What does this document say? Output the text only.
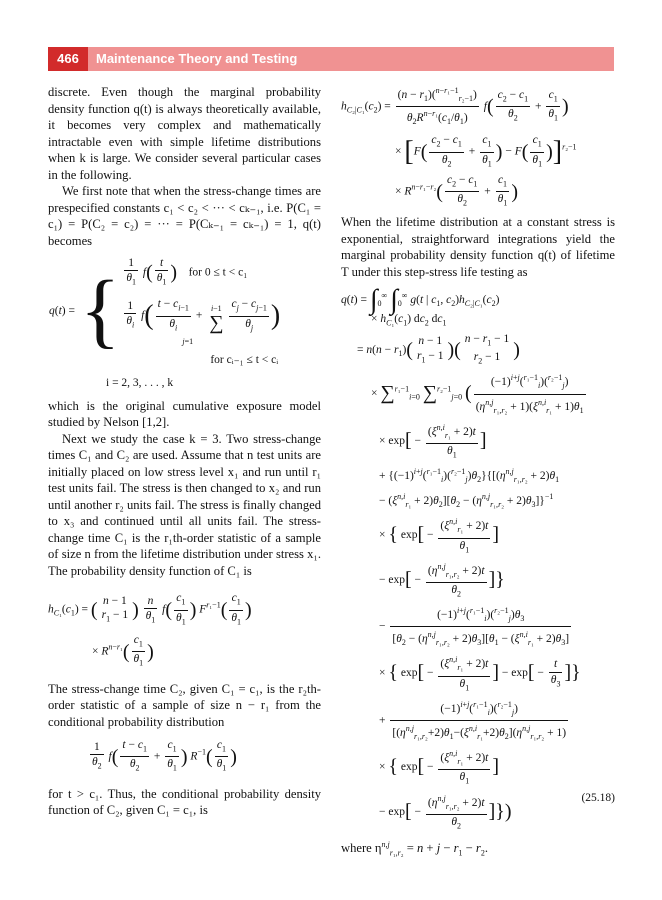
466	Maintenance Theory and Testing

discrete. Even though the marginal probability density function q(t) is always theoretically available, it becomes very complex and mathematically intractable even with simple lifetime distributions when k is large. We consider several particular cases in the following.

We first note that when the stress-change times are prespecified constants c₁ < c₂ < ··· < cₖ₋₁, i.e. P(C₁ = c₁) = P(C₂ = c₂) = ··· = P(Cₖ₋₁ = cₖ₋₁) = 1, q(t) becomes

q(t) =	{	$\frac{1}{\theta_1} f( \frac{t}{\theta_1}$ ) for 0 ≤ t < c₁
$\frac{1}{\theta_i} f( \frac{t - c_{i-1}}{\theta_i}$ +
i−1
∑ $\frac{c_j - c_{j-1}}{\theta_j}$ )
j=1
for cᵢ₋₁ ≤ t < cᵢ
i = 2, 3, . . . , k

which is the original cumulative exposure model studied by Nelson [1,2].

Next we study the case k = 3. Two stress-change times C₁ and C₂ are used. Assume that n test units are initially placed on low stress level x₁ and run until r₁ test units fail. The stress is then changed to x₂ and run until another r₂ units fail. The stress is finally changed to x₃ and continued until all units fail. The stress-change time C₁ is the r₁th-order statistic of a sample of size n from the lifetime distribution under stress x₁. The probability density function of C₁ is

$h_{C_1}(c_1)$ = ( n − 1
$r_1 - 1$ ) $\frac{n}{\theta_1} f( \frac{c_1}{\theta_1}$ ) $F^{r_1-1}( \frac{c_1}{\theta_1}$ )
× $R^{n-r_1}( \frac{c_1}{\theta_1}$ )

The stress-change time C₂, given C₁ = c₁, is the r₂th-order statistic of a sample of size n − r₁ from the conditional probability distribution

$\frac{1}{\theta_2} f( \frac{t - c_1}{\theta_2} + \frac{c_1}{\theta_1}$ ) $R^{-1}( \frac{c_1}{\theta_1}$ )

for t > c₁. Thus, the conditional probability density function of C₂, given C₁ = c₁, is

$h_{C_2|C_1}(c_2) = \frac{(n - r_1)(^{n-r_1-1}_{r_2-1})}{\theta_2R^{n-r_1}(c_1/\theta_1)} f( \frac{c_2 - c_1}{\theta_2} + \frac{c_1}{\theta_1}$ )
× [$F( \frac{c_2 - c_1}{\theta_2} + \frac{c_1}{\theta_1}$ ) − $F( \frac{c_1}{\theta_1} )]^{r_2-1}$
× $R^{n-r_1-r_2}( \frac{c_2 - c_1}{\theta_2} + \frac{c_1}{\theta_1}$ )

When the lifetime distribution at a constant stress is exponential, straightforward integrations yield the marginal probability density function q(t) of lifetime T under this step-stress life testing as

$q(t) = \int_0^\infty$ $\int_0^\infty$ g(t | $c_1$, $c_2)h_{C_2|C_1}(c_2)$
× $h_{C_1}(c_1)$ $dc_2$ $dc_1$
= $n(n - r_1)$( n − 1
$r_1 - 1$ )( $n - r_1 - 1$
$r_2 - 1$ )
× ∑$^{r_1-1}_{i=0}$ ∑$^{r_2-1}_{j=0}$ ( $\frac{(-1)^{i+j}(^{r_1-1}_i)(^{r_2-1}_j)}{(\eta^{n,j}_{r_1,r_2} + 1)(\xi^{n,i}_{r_1} + 1)\theta_1}$
× $\exp[ - \frac{(\xi^{n,i}_{r_1} + 2)t}{\theta_1}$ ]
+ $\{(-1)^{i+j}(^{r_1-1}_i)(^{r_2-1}_j)\theta_2\}\{[(\eta^{n,j}_{r_1,r_2} + 2)\theta_1$
− $(\xi^{n,i}_{r_1} + 2)\theta_2][\theta_2 - (\eta^{n,j}_{r_1,r_2} + 2)\theta_3]\}^{-1}$
× { $\exp[ - \frac{(\xi^{n,i}_{r_1} + 2)t}{\theta_1}$ ]
− $\exp[ - \frac{(\eta^{n,j}_{r_1,r_2} + 2)t}{\theta_2}$ ]}
− $\frac{(-1)^{i+j}(^{r_1-1}_i)(^{r_2-1}_j)\theta_3}{[\theta_2 - (\eta^{n,j}_{r_1,r_2} + 2)\theta_3][\theta_1 - (\xi^{n,i}_{r_1} + 2)\theta_3]}$
× { $\exp[ - \frac{(\xi^{n,i}_{r_1} + 2)t}{\theta_1}$ ] − $\exp[ - \frac{t}{\theta_3}$ ]}
+ $\frac{(-1)^{i+j}(^{r_1-1}_i)(^{r_2-1}_j)}{[(\eta^{n,j}_{r_1,r_2}+2)\theta_1-(\xi^{n,i}_{r_1}+2)\theta_2](\eta^{n,j}_{r_1,r_2} + 1)}$
× { $\exp[ - \frac{(\xi^{n,i}_{r_1} + 2)t}{\theta_1}$ ]
− $\exp[ - \frac{(\eta^{n,j}_{r_1,r_2} + 2)t}{\theta_2}$ ]})
(25.18)

where $\eta^{n,j}_{r_1,r_2} = n + j - r_1 - r_2$.
